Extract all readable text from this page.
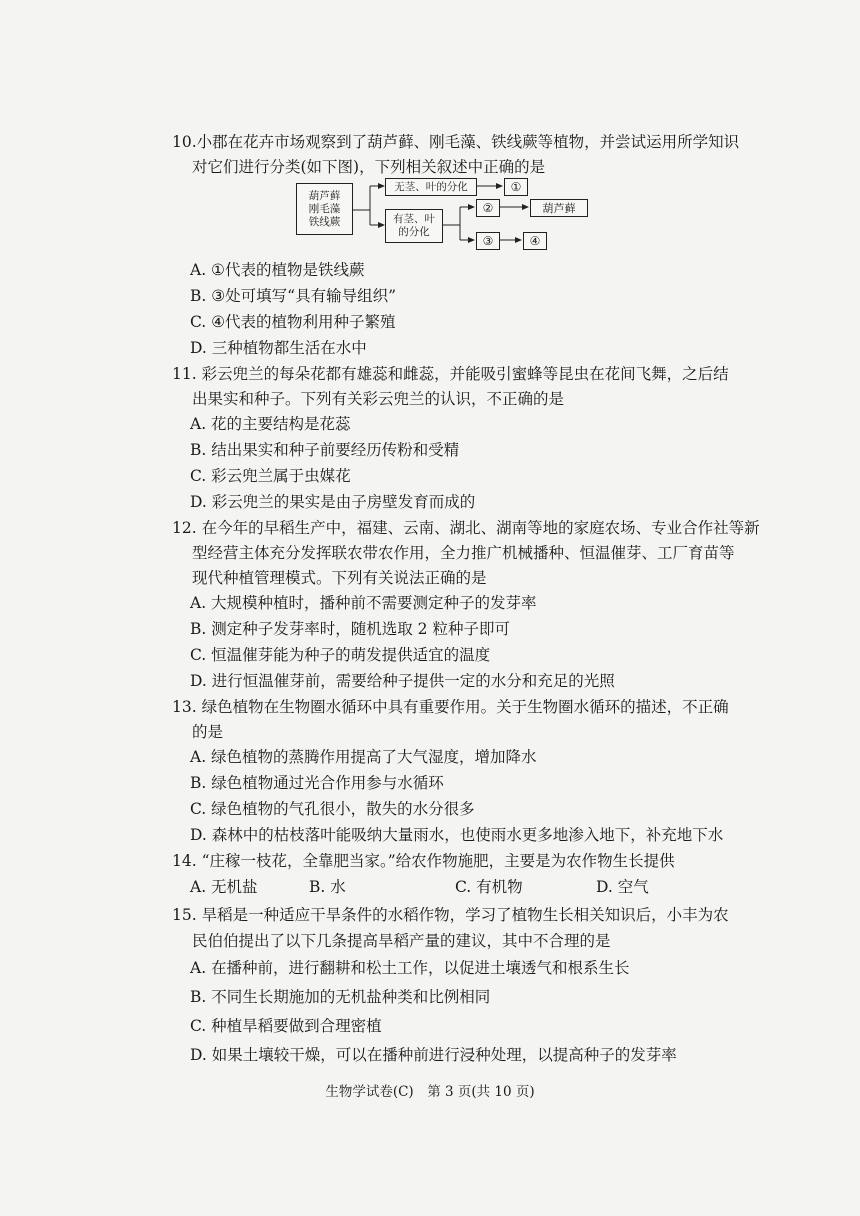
10.小郡在花卉市场观察到了葫芦藓、刚毛藻、铁线蕨等植物，并尝试运用所学知识
对它们进行分类(如下图)，下列相关叙述中正确的是
葫芦藓
刚毛藻
铁线蕨
无茎、叶的分化
有茎、叶
的分化
①
②	葫芦藓
③	④
A. ①代表的植物是铁线蕨
B. ③处可填写“具有输导组织”
C. ④代表的植物利用种子繁殖
D. 三种植物都生活在水中
11. 彩云兜兰的每朵花都有雄蕊和雌蕊，并能吸引蜜蜂等昆虫在花间飞舞，之后结
出果实和种子。下列有关彩云兜兰的认识，不正确的是
A. 花的主要结构是花蕊
B. 结出果实和种子前要经历传粉和受精
C. 彩云兜兰属于虫媒花
D. 彩云兜兰的果实是由子房壁发育而成的
12. 在今年的早稻生产中，福建、云南、湖北、湖南等地的家庭农场、专业合作社等新
型经营主体充分发挥联农带农作用，全力推广机械播种、恒温催芽、工厂育苗等
现代种植管理模式。下列有关说法正确的是
A. 大规模种植时，播种前不需要测定种子的发芽率
B. 测定种子发芽率时，随机选取 2 粒种子即可
C. 恒温催芽能为种子的萌发提供适宜的温度
D. 进行恒温催芽前，需要给种子提供一定的水分和充足的光照
13. 绿色植物在生物圈水循环中具有重要作用。关于生物圈水循环的描述，不正确
的是
A. 绿色植物的蒸腾作用提高了大气湿度，增加降水
B. 绿色植物通过光合作用参与水循环
C. 绿色植物的气孔很小，散失的水分很多
D. 森林中的枯枝落叶能吸纳大量雨水，也使雨水更多地渗入地下，补充地下水
14. “庄稼一枝花，全靠肥当家。”给农作物施肥，主要是为农作物生长提供
A. 无机盐	B. 水	C. 有机物	D. 空气
15. 旱稻是一种适应干旱条件的水稻作物，学习了植物生长相关知识后，小丰为农
民伯伯提出了以下几条提高旱稻产量的建议，其中不合理的是
A. 在播种前，进行翻耕和松土工作，以促进土壤透气和根系生长
B. 不同生长期施加的无机盐种类和比例相同
C. 种植旱稻要做到合理密植
D. 如果土壤较干燥，可以在播种前进行浸种处理，以提高种子的发芽率
生物学试卷(C)　第 3 页(共 10 页)
